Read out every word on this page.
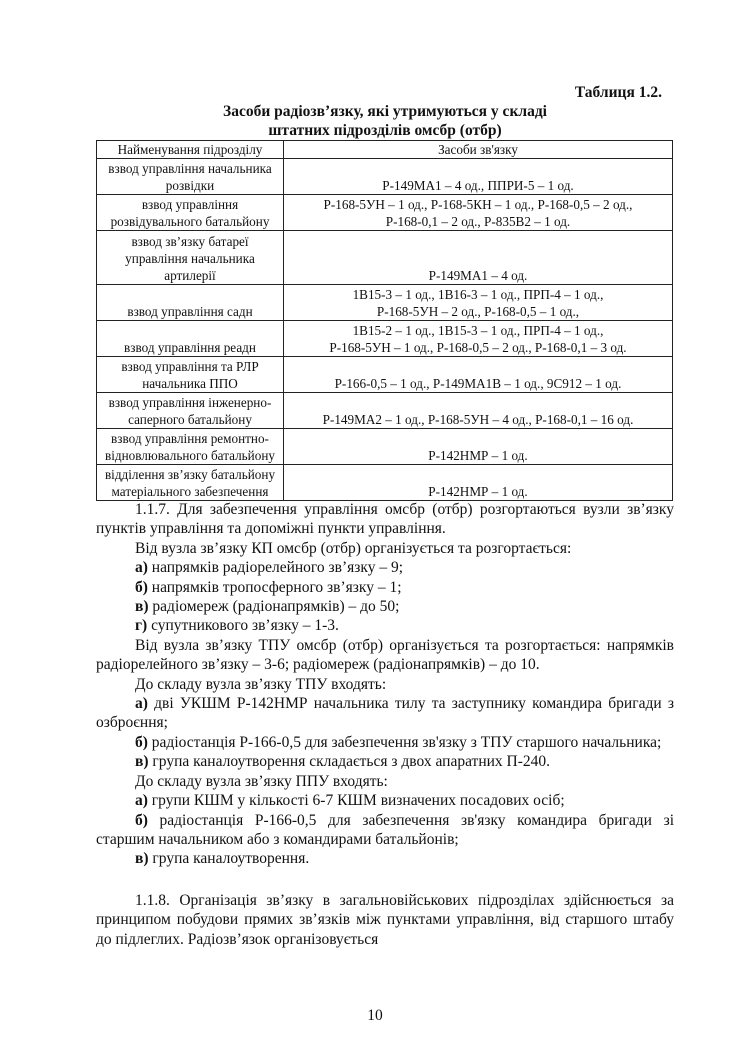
Таблиця 1.2.
Засоби радіозв’язку, які утримуються у складі
штатних підрозділів омсбр (отбр)
Найменування підрозділу	Засоби зв'язку
взвод управління начальника розвідки	Р-149МА1 – 4 од., ППРИ-5 – 1 од.
взвод управління розвідувального батальйону	Р-168-5УН – 1 од., Р-168-5КН – 1 од., Р-168-0,5 – 2 од.,
Р-168-0,1 – 2 од., Р-835В2 – 1 од.
взвод зв’язку батареї управління начальника артилерії	Р-149МА1 – 4 од.
взвод управління садн	1В15-3 – 1 од., 1В16-3 – 1 од., ПРП-4 – 1 од.,
Р-168-5УН – 2 од., Р-168-0,5 – 1 од.,
взвод управління реадн	1В15-2 – 1 од., 1В15-3 – 1 од., ПРП-4 – 1 од.,
Р-168-5УН – 1 од., Р-168-0,5 – 2 од., Р-168-0,1 – 3 од.
взвод управління та РЛР начальника ППО	Р-166-0,5 – 1 од., Р-149МА1В – 1 од., 9С912 – 1 од.
взвод управління інженерно-саперного батальйону	Р-149МА2 – 1 од., Р-168-5УН – 4 од., Р-168-0,1 – 16 од.
взвод управління ремонтно-відновлювального батальйону	Р-142НМР – 1 од.
відділення зв’язку батальйону матеріального забезпечення	Р-142НМР – 1 од.

1.1.7. Для забезпечення управління омсбр (отбр) розгортаються вузли зв’язку пунктів управління та допоміжні пункти управління.

Від вузла зв’язку КП омсбр (отбр) організується та розгортається:

а) напрямків радіорелейного зв’язку – 9;

б) напрямків тропосферного зв’язку – 1;

в) радіомереж (радіонапрямків) – до 50;

г) супутникового зв’язку – 1-3.

Від вузла зв’язку ТПУ омсбр (отбр) організується та розгортається: напрямків радіорелейного зв’язку – 3-6; радіомереж (радіонапрямків) – до 10.

До складу вузла зв’язку ТПУ входять:

а) дві УКШМ Р-142НМР начальника тилу та заступнику командира бригади з озброєння;

б) радіостанція Р-166-0,5 для забезпечення зв'язку з ТПУ старшого начальника;

в) група каналоутворення складається з двох апаратних П-240.

До складу вузла зв’язку ППУ входять:

а) групи КШМ у кількості 6-7 КШМ визначених посадових осіб;

б) радіостанція Р-166-0,5 для забезпечення зв'язку командира бригади зі старшим начальником або з командирами батальйонів;

в) група каналоутворення.

1.1.8. Організація зв’язку в загальновійськових підрозділах здійснюється за принципом побудови прямих зв’язків між пунктами управління, від старшого штабу до підлеглих. Радіозв’язок організовується

10
